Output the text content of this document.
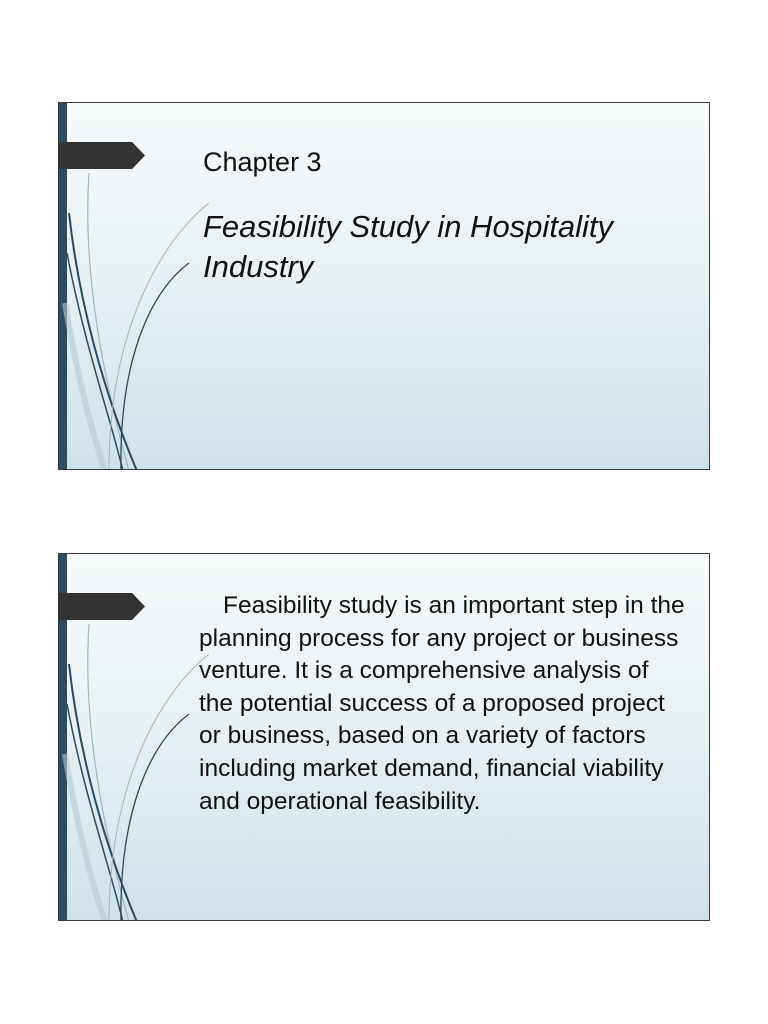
Chapter 3
Feasibility Study in Hospitality Industry

Feasibility study is an important step in the planning process for any project or business venture. It is a comprehensive analysis of the potential success of a proposed project or business, based on a variety of factors including market demand, financial viability and operational feasibility.
